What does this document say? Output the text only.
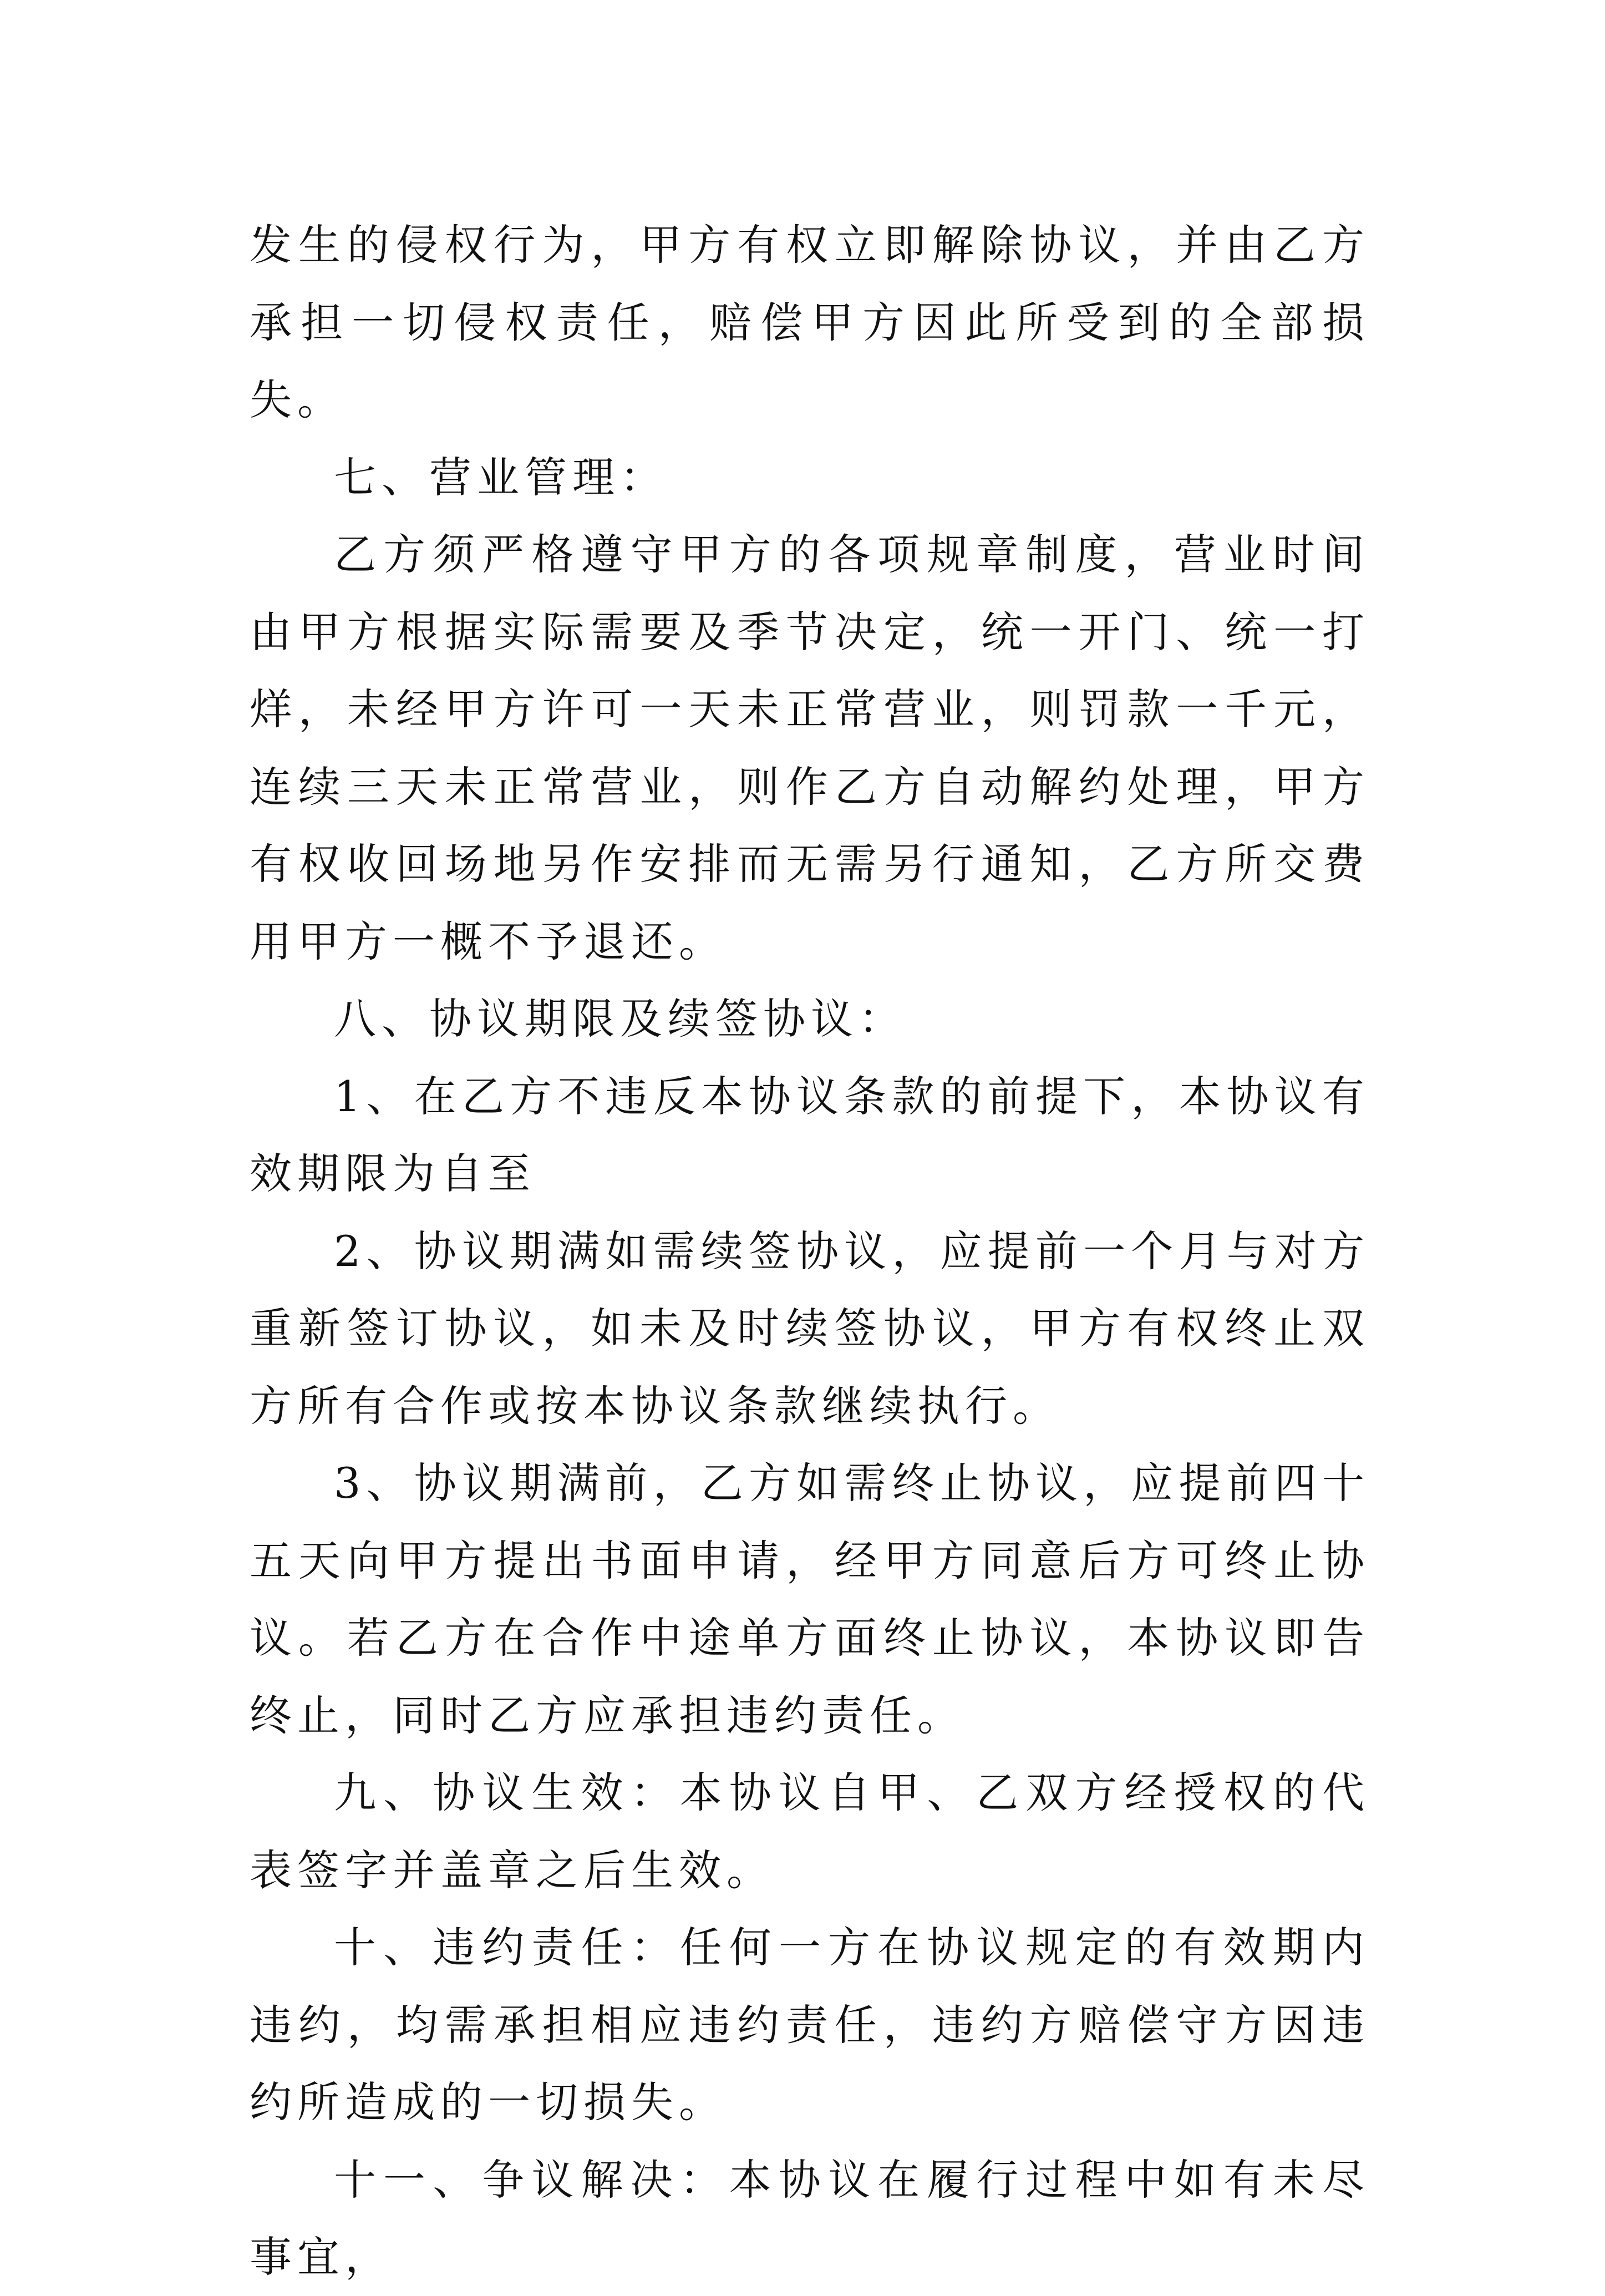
发生的侵权行为，甲方有权立即解除协议，并由乙方承担一切侵权责任，赔偿甲方因此所受到的全部损失。

七、营业管理：

乙方须严格遵守甲方的各项规章制度，营业时间由甲方根据实际需要及季节决定，统一开门、统一打烊，未经甲方许可一天未正常营业，则罚款一千元，连续三天未正常营业，则作乙方自动解约处理，甲方有权收回场地另作安排而无需另行通知，乙方所交费用甲方一概不予退还。

八、协议期限及续签协议：

1、在乙方不违反本协议条款的前提下，本协议有效期限为自至

2、协议期满如需续签协议，应提前一个月与对方重新签订协议，如未及时续签协议，甲方有权终止双方所有合作或按本协议条款继续执行。

3、协议期满前，乙方如需终止协议，应提前四十五天向甲方提出书面申请，经甲方同意后方可终止协议。若乙方在合作中途单方面终止协议，本协议即告终止，同时乙方应承担违约责任。

九、协议生效：本协议自甲、乙双方经授权的代表签字并盖章之后生效。

十、违约责任：任何一方在协议规定的有效期内违约，均需承担相应违约责任，违约方赔偿守方因违约所造成的一切损失。

十一、争议解决：本协议在履行过程中如有未尽事宜，
